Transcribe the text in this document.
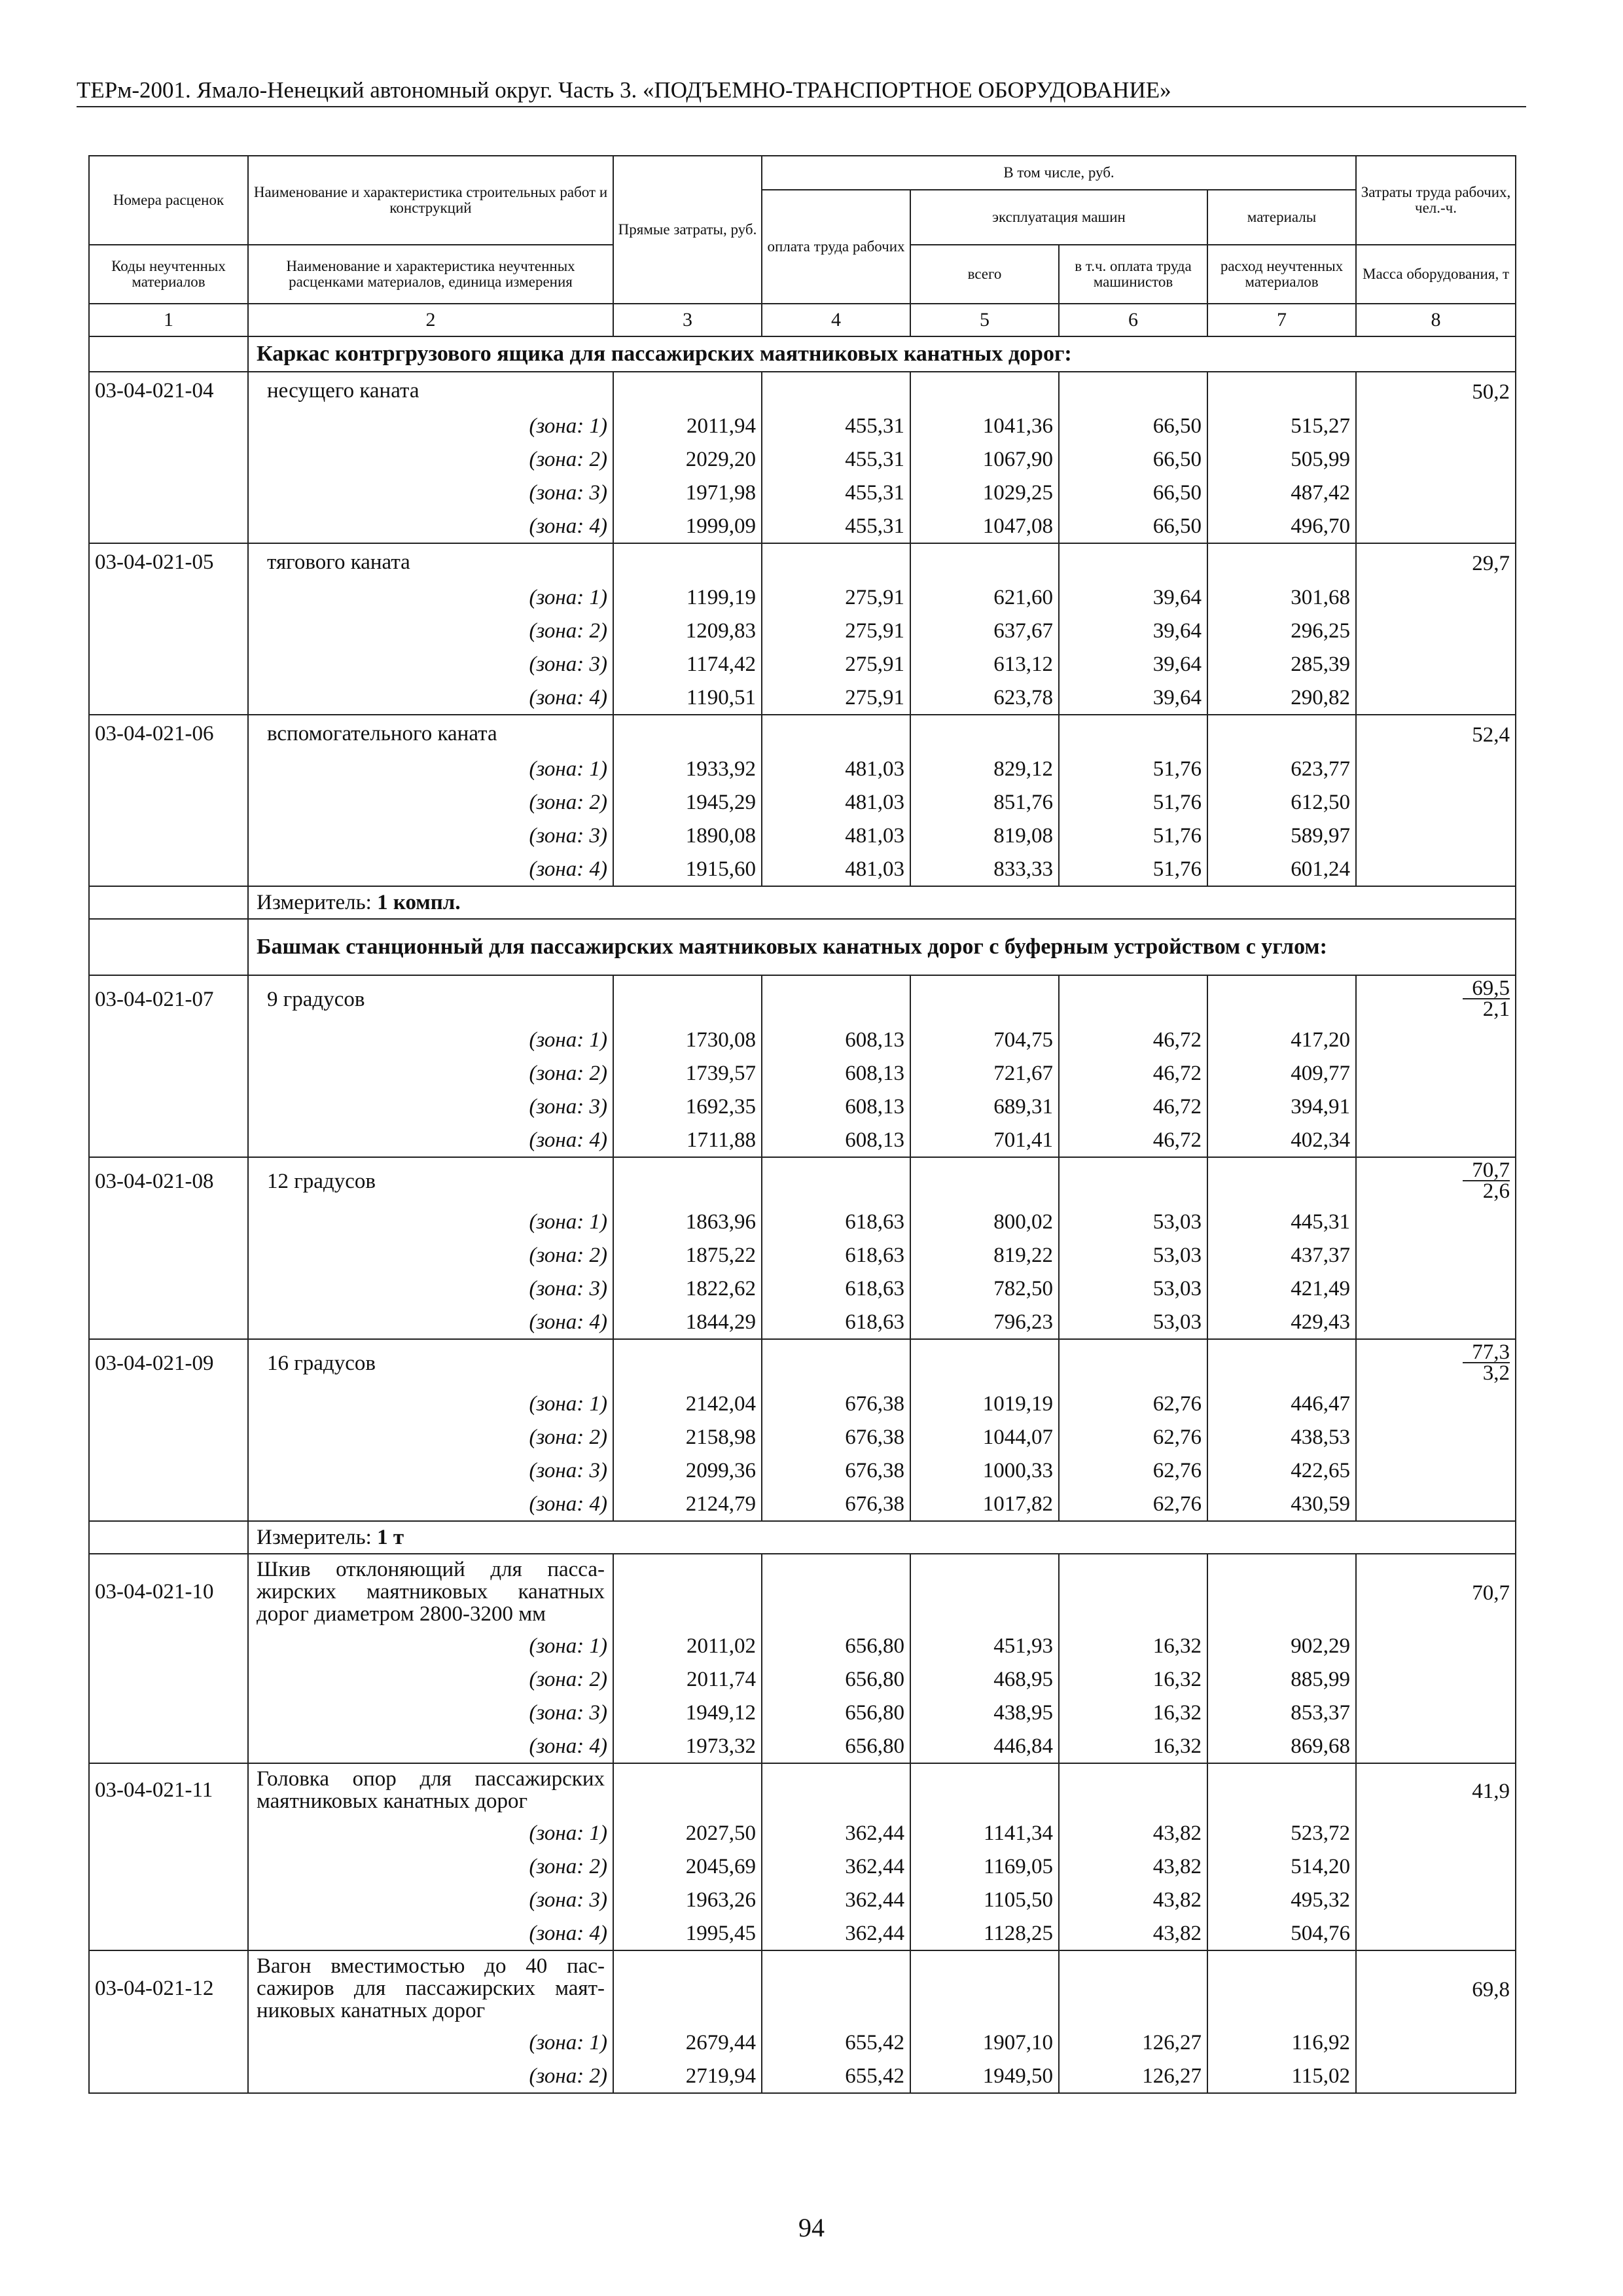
ТЕРм-2001. Ямало-Ненецкий автономный округ. Часть 3. «ПОДЪЕМНО-ТРАНСПОРТНОЕ ОБОРУДОВАНИЕ»
Номера расценок	Наименование и характеристика строительных работ и конструкций	Прямые затраты, руб.	В том числе, руб.				Затраты труда рабочих, чел.-ч.
			оплата труда рабочих	эксплуатация машин		материалы	
Коды неучтенных материалов	Наименование и характеристика неучтенных расценками материалов, единица измерения			всего	в т.ч. оплата труда машинистов	расход неучтенных материалов	Масса оборудования, т

1	2	3	4	5	6	7	8
	Каркас контргрузового ящика для пассажирских маятниковых канатных дорог:						
03-04-021-04	несущего каната						50,2
	(зона: 1)	2011,94	455,31	1041,36	66,50	515,27	
	(зона: 2)	2029,20	455,31	1067,90	66,50	505,99	
	(зона: 3)	1971,98	455,31	1029,25	66,50	487,42	
	(зона: 4)	1999,09	455,31	1047,08	66,50	496,70	
03-04-021-05	тягового каната						29,7
	(зона: 1)	1199,19	275,91	621,60	39,64	301,68	
	(зона: 2)	1209,83	275,91	637,67	39,64	296,25	
	(зона: 3)	1174,42	275,91	613,12	39,64	285,39	
	(зона: 4)	1190,51	275,91	623,78	39,64	290,82	
03-04-021-06	вспомогательного каната						52,4
	(зона: 1)	1933,92	481,03	829,12	51,76	623,77	
	(зона: 2)	1945,29	481,03	851,76	51,76	612,50	
	(зона: 3)	1890,08	481,03	819,08	51,76	589,97	
	(зона: 4)	1915,60	481,03	833,33	51,76	601,24	
	Измеритель: 1 компл.						
	Башмак станционный для пассажирских маятниковых канатных дорог с буферным устройством с углом:						
03-04-021-07	9 градусов						$\frac{69,5}{2,1}$

	(зона: 1)	1730,08	608,13	704,75	46,72	417,20	
	(зона: 2)	1739,57	608,13	721,67	46,72	409,77	
	(зона: 3)	1692,35	608,13	689,31	46,72	394,91	
	(зона: 4)	1711,88	608,13	701,41	46,72	402,34	
03-04-021-08	12 градусов						$\frac{70,7}{2,6}$

	(зона: 1)	1863,96	618,63	800,02	53,03	445,31	
	(зона: 2)	1875,22	618,63	819,22	53,03	437,37	
	(зона: 3)	1822,62	618,63	782,50	53,03	421,49	
	(зона: 4)	1844,29	618,63	796,23	53,03	429,43	
03-04-021-09	16 градусов						$\frac{77,3}{3,2}$

	(зона: 1)	2142,04	676,38	1019,19	62,76	446,47	
	(зона: 2)	2158,98	676,38	1044,07	62,76	438,53	
	(зона: 3)	2099,36	676,38	1000,33	62,76	422,65	
	(зона: 4)	2124,79	676,38	1017,82	62,76	430,59	
	Измеритель: 1 т						
03-04-021-10	Шкив отклоняющий для пасса-жирских маятниковых канатных дорог диаметром 2800-3200 мм						70,7
	(зона: 1)	2011,02	656,80	451,93	16,32	902,29	
	(зона: 2)	2011,74	656,80	468,95	16,32	885,99	
	(зона: 3)	1949,12	656,80	438,95	16,32	853,37	
	(зона: 4)	1973,32	656,80	446,84	16,32	869,68	
03-04-021-11	Головка опор для пассажирских маятниковых канатных дорог						41,9
	(зона: 1)	2027,50	362,44	1141,34	43,82	523,72	
	(зона: 2)	2045,69	362,44	1169,05	43,82	514,20	
	(зона: 3)	1963,26	362,44	1105,50	43,82	495,32	
	(зона: 4)	1995,45	362,44	1128,25	43,82	504,76	
03-04-021-12	Вагон вместимостью до 40 пас-сажиров для пассажирских маят-никовых канатных дорог						69,8
	(зона: 1)	2679,44	655,42	1907,10	126,27	116,92	
	(зона: 2)	2719,94	655,42	1949,50	126,27	115,02	

94
